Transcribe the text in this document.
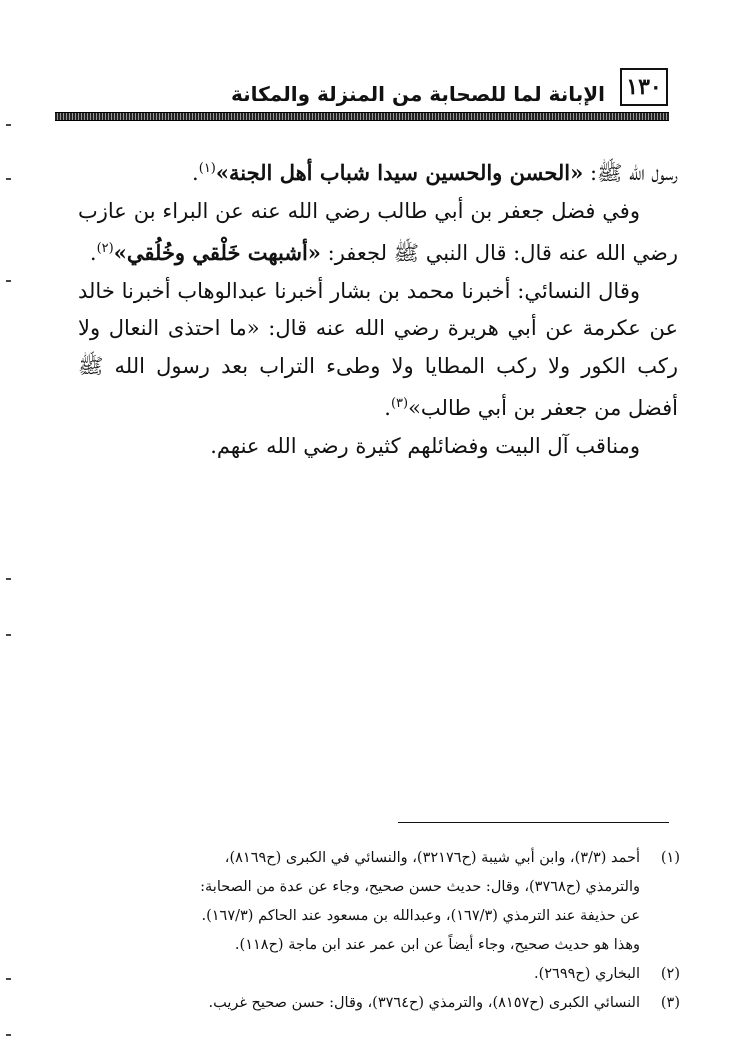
١٣٠
الإبانة لما للصحابة من المنزلة والمكانة

رسول الله ﷺ: «الحسن والحسين سيدا شباب أهل الجنة»$^{(١)}$.

وفي فضل جعفر بن أبي طالب رضي الله عنه عن البراء بن عازب رضي الله عنه قال: قال النبي ﷺ لجعفر: «أشبهت خَلْقي وخُلُقي»$^{(٢)}$.

وقال النسائي: أخبرنا محمد بن بشار أخبرنا عبدالوهاب أخبرنا خالد عن عكرمة عن أبي هريرة رضي الله عنه قال: «ما احتذى النعال ولا ركب الكور ولا ركب المطايا ولا وطىء التراب بعد رسول الله ﷺ أفضل من جعفر بن أبي طالب»$^{(٣)}$.

ومناقب آل البيت وفضائلهم كثيرة رضي الله عنهم.

(١)
أحمد (٣/٣)، وابن أبي شيبة (ح٣٢١٧٦)، والنسائي في الكبرى (ح٨١٦٩)،
والترمذي (ح٣٧٦٨)، وقال: حديث حسن صحيح، وجاء عن عدة من الصحابة:
عن حذيفة عند الترمذي (١٦٧/٣)، وعبدالله بن مسعود عند الحاكم (١٦٧/٣).
وهذا هو حديث صحيح، وجاء أيضاً عن ابن عمر عند ابن ماجة (ح١١٨).
(٢)
البخاري (ح٢٦٩٩).
(٣)
النسائي الكبرى (ح٨١٥٧)، والترمذي (ح٣٧٦٤)، وقال: حسن صحيح غريب.
